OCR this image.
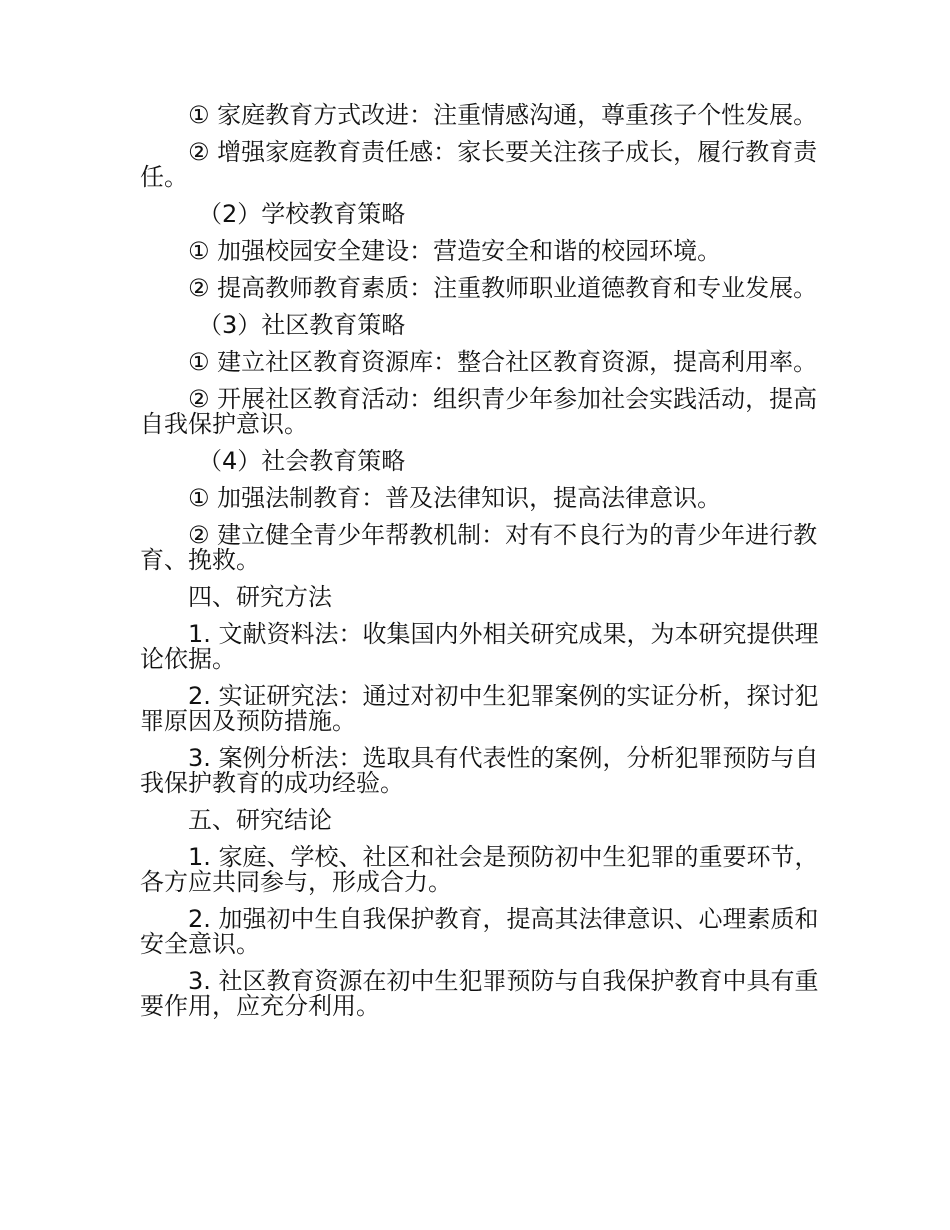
① 家庭教育方式改进：注重情感沟通，尊重孩子个性发展。

② 增强家庭教育责任感：家长要关注孩子成长，履行教育责任。

（2）学校教育策略

① 加强校园安全建设：营造安全和谐的校园环境。

② 提高教师教育素质：注重教师职业道德教育和专业发展。

（3）社区教育策略

① 建立社区教育资源库：整合社区教育资源，提高利用率。

② 开展社区教育活动：组织青少年参加社会实践活动，提高自我保护意识。

（4）社会教育策略

① 加强法制教育：普及法律知识，提高法律意识。

② 建立健全青少年帮教机制：对有不良行为的青少年进行教育、挽救。

四、研究方法

1. 文献资料法：收集国内外相关研究成果，为本研究提供理论依据。

2. 实证研究法：通过对初中生犯罪案例的实证分析，探讨犯罪原因及预防措施。

3. 案例分析法：选取具有代表性的案例，分析犯罪预防与自我保护教育的成功经验。

五、研究结论

1. 家庭、学校、社区和社会是预防初中生犯罪的重要环节，各方应共同参与，形成合力。

2. 加强初中生自我保护教育，提高其法律意识、心理素质和安全意识。

3. 社区教育资源在初中生犯罪预防与自我保护教育中具有重要作用，应充分利用。
